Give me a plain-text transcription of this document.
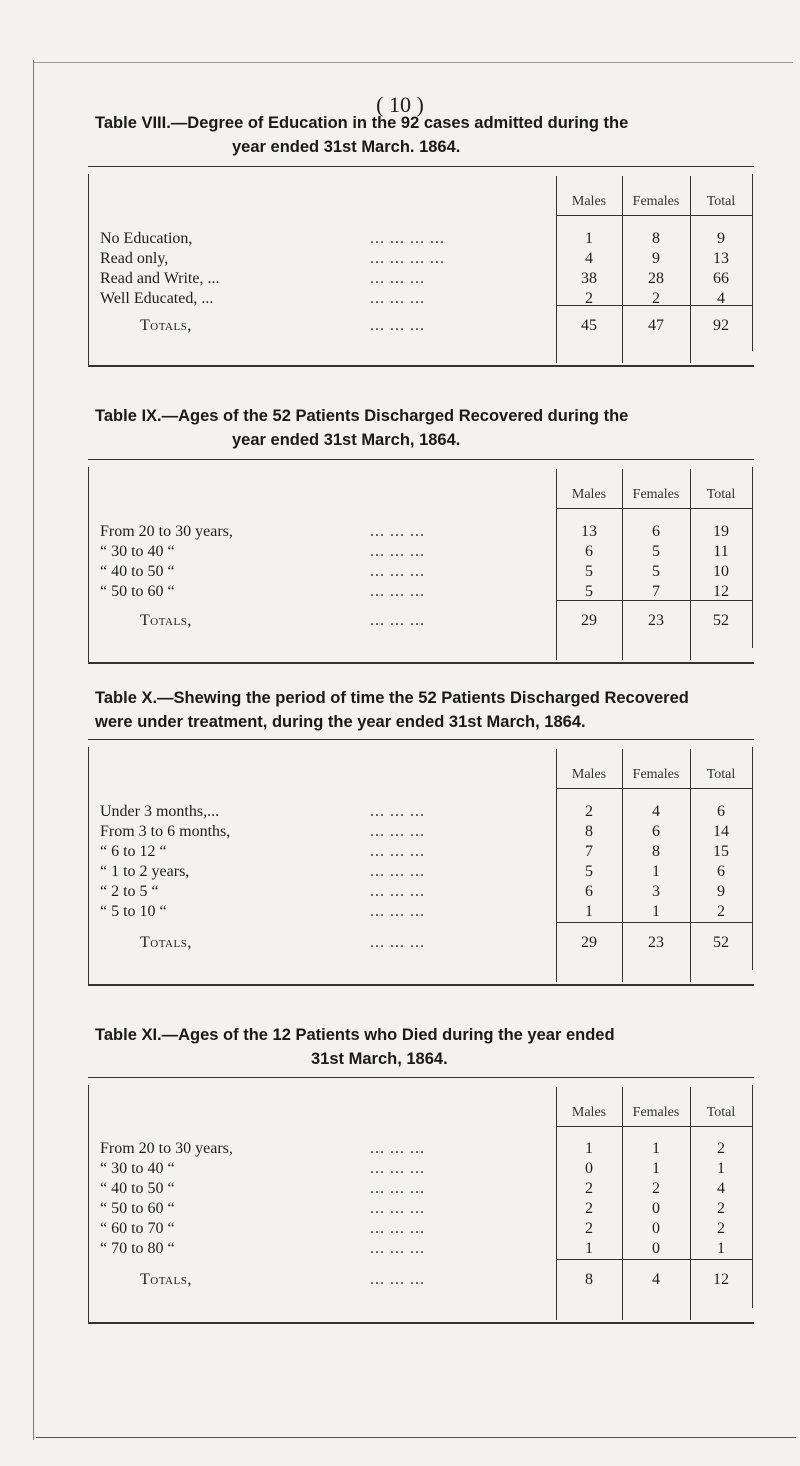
( 10 )
Table VIII.—Degree of Education in the 92 cases admitted during the
year ended 31st March. 1864.
Males	Females	Total
No Education,	... ... ... ...	1	8	9
Read only,	... ... ... ...	4	9	13
Read and Write, ...	... ... ...	38	28	66
Well Educated, ...	... ... ...	2	2	4
Totals,	... ... ...	45	47	92
Table IX.—Ages of the 52 Patients Discharged Recovered during the
year ended 31st March, 1864.
Males	Females	Total
From 20 to 30 years,	... ... ...	13	6	19
“ 30 to 40 “	... ... ...	6	5	11
“ 40 to 50 “	... ... ...	5	5	10
“ 50 to 60 “	... ... ...	5	7	12
Totals,	... ... ...	29	23	52
Table X.—Shewing the period of time the 52 Patients Discharged Recovered
were under treatment, during the year ended 31st March, 1864.
Males	Females	Total
Under 3 months,...	... ... ...	2	4	6
From 3 to 6 months,	... ... ...	8	6	14
“ 6 to 12 “	... ... ...	7	8	15
“ 1 to 2 years,	... ... ...	5	1	6
“ 2 to 5 “	... ... ...	6	3	9
“ 5 to 10 “	... ... ...	1	1	2
Totals,	... ... ...	29	23	52
Table XI.—Ages of the 12 Patients who Died during the year ended
31st March, 1864.
Males	Females	Total
From 20 to 30 years,	... ... ...	1	1	2
“ 30 to 40 “	... ... ...	0	1	1
“ 40 to 50 “	... ... ...	2	2	4
“ 50 to 60 “	... ... ...	2	0	2
“ 60 to 70 “	... ... ...	2	0	2
“ 70 to 80 “	... ... ...	1	0	1
Totals,	... ... ...	8	4	12
